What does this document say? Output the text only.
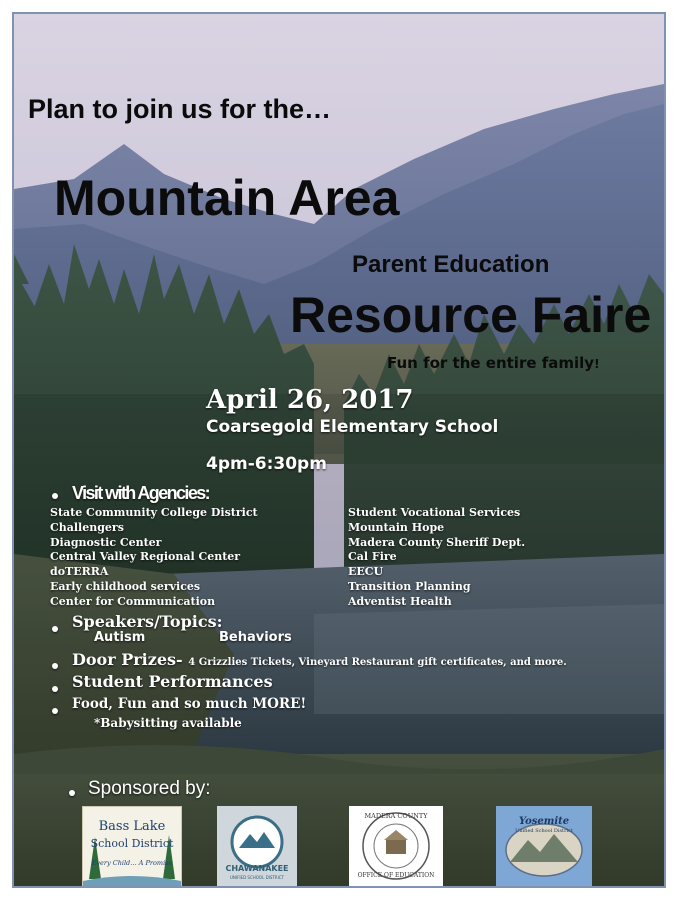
Plan to join us for the…
Mountain Area
Parent Education
Resource Faire
Fun for the entire family!
April 26, 2017
Coarsegold Elementary School
4pm-6:30pm
Visit with Agencies:
State Community College District
Challengers
Diagnostic Center
Central Valley Regional Center
doTERRA
Early childhood services
Center for Communication
Student Vocational Services
Mountain Hope
Madera County Sheriff Dept.
Cal Fire
EECU
Transition Planning
Adventist Health
Speakers/Topics:
Autism	Behaviors
Door Prizes- 4 Grizzlies Tickets, Vineyard Restaurant gift certificates, and more.
Student Performances
Food, Fun and so much MORE!
*Babysitting available
Sponsored by:
Bass Lake
School District
Every Child… A Promise
CHAWANAKEE
UNIFIED SCHOOL DISTRICT
MADERA COUNTY
OFFICE OF EDUCATION
Yosemite
Unified School District
